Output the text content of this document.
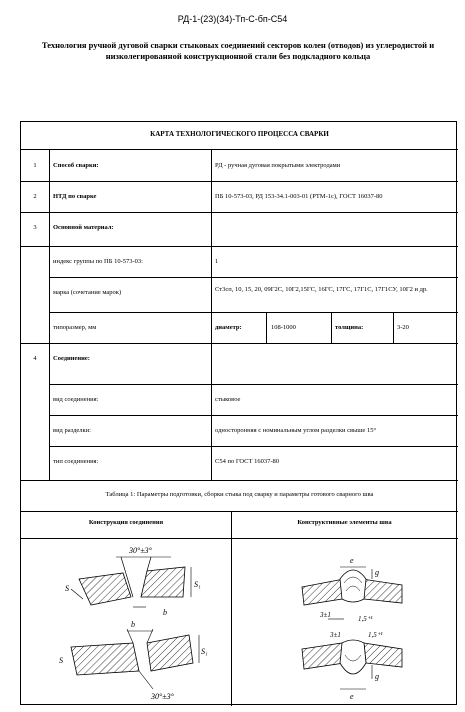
РД-1-(23)(34)-Тп-С-бп-С54
Технология ручной дуговой сварки стыковых соединений секторов колен (отводов) из углеродистой и низколегированной конструкционной стали без подкладного кольца
КАРТА ТЕХНОЛОГИЧЕСКОГО ПРОЦЕССА СВАРКИ
1	Способ сварки:	РД - ручная дуговая покрытыми электродами
2	НТД по сварке	ПБ 10-573-03, РД 153-34.1-003-01 (РТМ-1с), ГОСТ 16037-80
3	Основной материал:
индекс группы по ПБ 10-573-03:	1
марка (сочетание марок)	Ст3сп, 10, 15, 20, 09Г2С, 10Г2,15ГС, 16ГС, 17ГС, 17Г1С, 17Г1СУ, 10Г2 и др.
типоразмер, мм	диаметр:	108-1000	толщина:	3-20
4	Соединение:
вид соединения:	стыковое
вид разделки:	односторонняя с номинальным углом разделки свыше 15°
тип соединения:	С54 по ГОСТ 16037-80
Таблица 1: Параметры подготовки, сборки стыка под сварку и параметры готового сварного шва
Конструкция соединения	Конструктивные элементы шва
30°±3°
S	S₁
b
b
S
S₁
30°±3°
e
g
3±1	1,5⁺¹
3±1	1,5⁺¹
e
g
